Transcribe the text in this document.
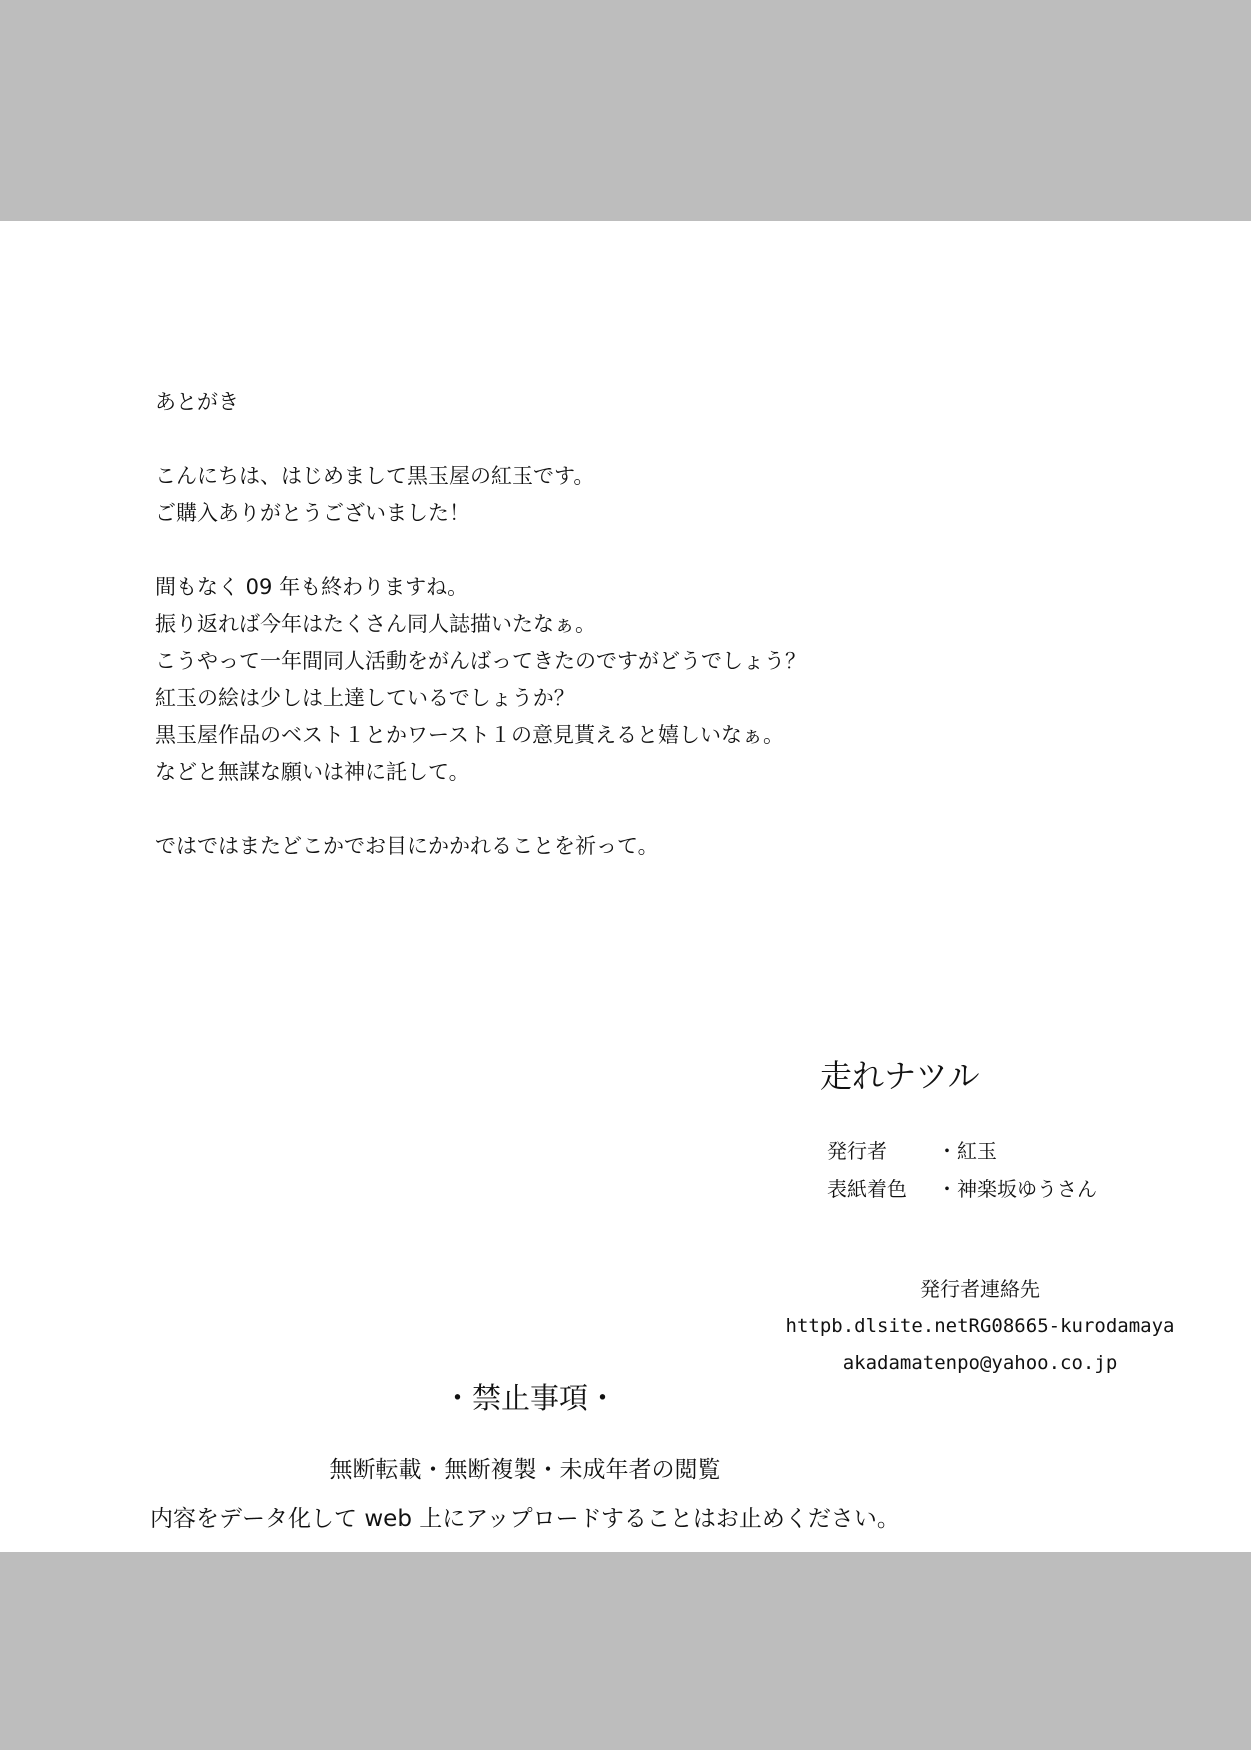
あとがき
こんにちは、はじめまして黒玉屋の紅玉です。
ご購入ありがとうございました！
間もなく 09 年も終わりますね。
振り返れば今年はたくさん同人誌描いたなぁ。
こうやって一年間同人活動をがんばってきたのですがどうでしょう？
紅玉の絵は少しは上達しているでしょうか？
黒玉屋作品のベスト１とかワースト１の意見貰えると嬉しいなぁ。
などと無謀な願いは神に託して。
ではではまたどこかでお目にかかれることを祈って。
走れナツル
発行者	・紅玉
表紙着色 ・神楽坂ゆうさん
発行者連絡先
httpb.dlsite.netRG08665-kurodamaya
akadamatenpo@yahoo.co.jp
・禁止事項・
無断転載・無断複製・未成年者の閲覧
内容をデータ化して web 上にアップロードすることはお止めください。
